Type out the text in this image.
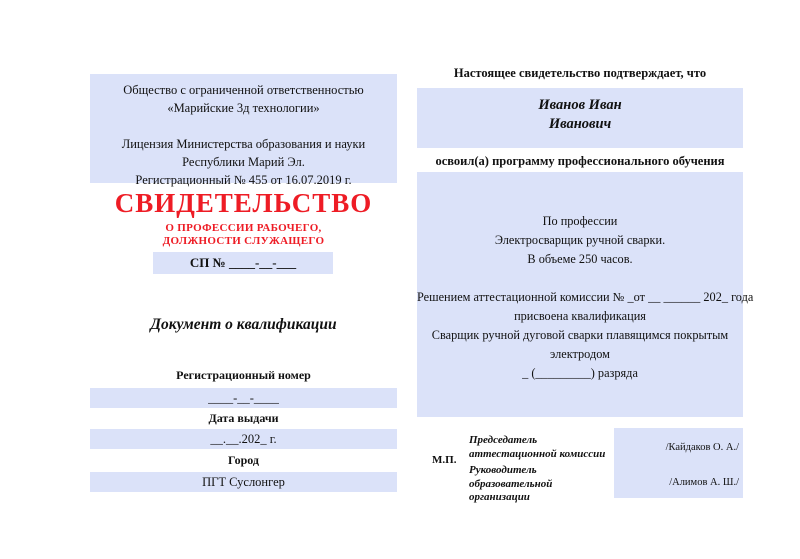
Общество с ограниченной ответственностью
«Марийские 3д технологии»
Лицензия Министерства образования и науки
Республики Марий Эл.
Регистрационный № 455 от 16.07.2019 г.
СВИДЕТЕЛЬСТВО
О ПРОФЕССИИ РАБОЧЕГО,
ДОЛЖНОСТИ СЛУЖАЩЕГО
СП № ____-__-___
Документ о квалификации
Регистрационный номер
____-__-____
Дата выдачи
__.__.202_ г.
Город
ПГТ Суслонгер
Настоящее свидетельство подтверждает, что
Иванов Иван
Иванович
освоил(а) программу профессионального обучения
По профессии
Электросварщик ручной сварки.
В объеме 250 часов.
Решением аттестационной комиссии № _от __ ______ 202_ года
присвоена квалификация
Сварщик ручной дуговой сварки плавящимся покрытым
электродом
_ (_________) разряда
М.П.
Председатель
аттестационной комиссии
Руководитель
образовательной организации
/Кайдаков О. А./
/Алимов А. Ш./
